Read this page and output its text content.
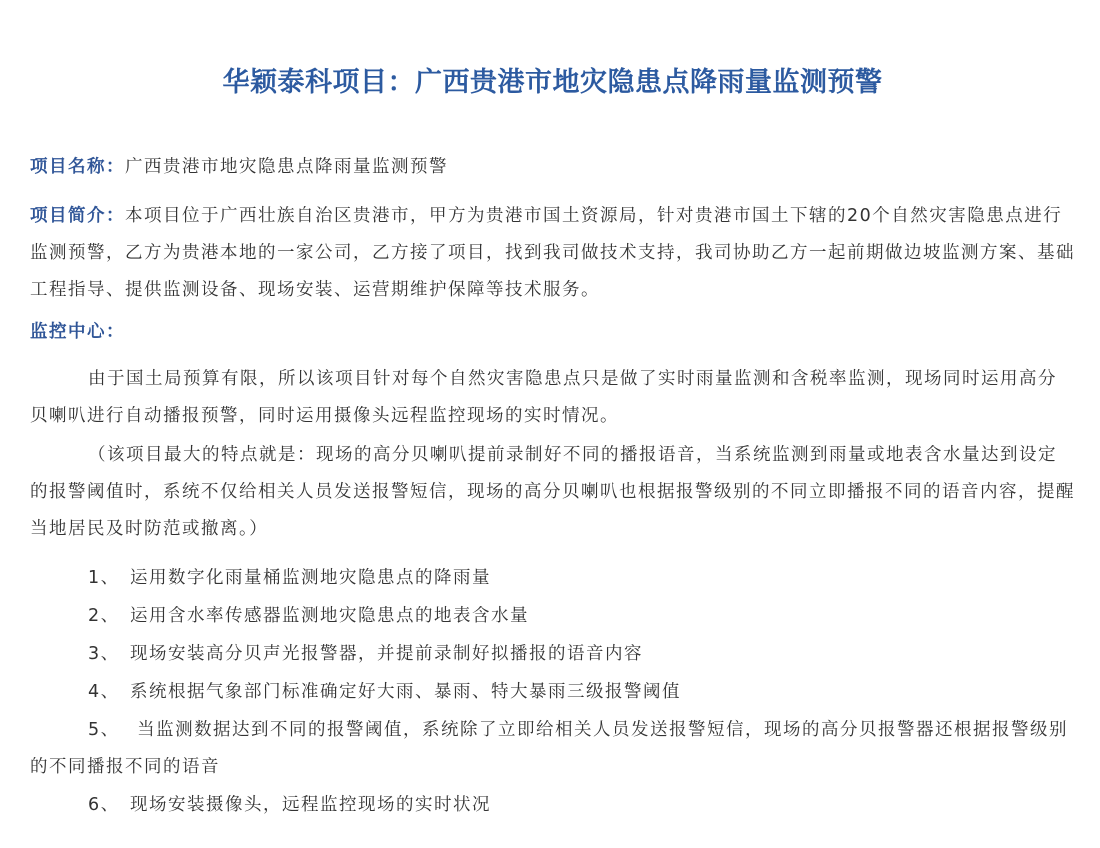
华颖泰科项目：广西贵港市地灾隐患点降雨量监测预警

项目名称：广西贵港市地灾隐患点降雨量监测预警

项目简介：本项目位于广西壮族自治区贵港市，甲方为贵港市国土资源局，针对贵港市国土下辖的20个自然灾害隐患点进行监测预警，乙方为贵港本地的一家公司，乙方接了项目，找到我司做技术支持，我司协助乙方一起前期做边坡监测方案、基础工程指导、提供监测设备、现场安装、运营期维护保障等技术服务。

监控中心：

由于国土局预算有限，所以该项目针对每个自然灾害隐患点只是做了实时雨量监测和含税率监测，现场同时运用高分贝喇叭进行自动播报预警，同时运用摄像头远程监控现场的实时情况。

（该项目最大的特点就是：现场的高分贝喇叭提前录制好不同的播报语音，当系统监测到雨量或地表含水量达到设定的报警阈值时，系统不仅给相关人员发送报警短信，现场的高分贝喇叭也根据报警级别的不同立即播报不同的语音内容，提醒当地居民及时防范或撤离。）

1、 运用数字化雨量桶监测地灾隐患点的降雨量

2、 运用含水率传感器监测地灾隐患点的地表含水量

3、 现场安装高分贝声光报警器，并提前录制好拟播报的语音内容

4、 系统根据气象部门标准确定好大雨、暴雨、特大暴雨三级报警阈值

5、 当监测数据达到不同的报警阈值，系统除了立即给相关人员发送报警短信，现场的高分贝报警器还根据报警级别的不同播报不同的语音

6、 现场安装摄像头，远程监控现场的实时状况
